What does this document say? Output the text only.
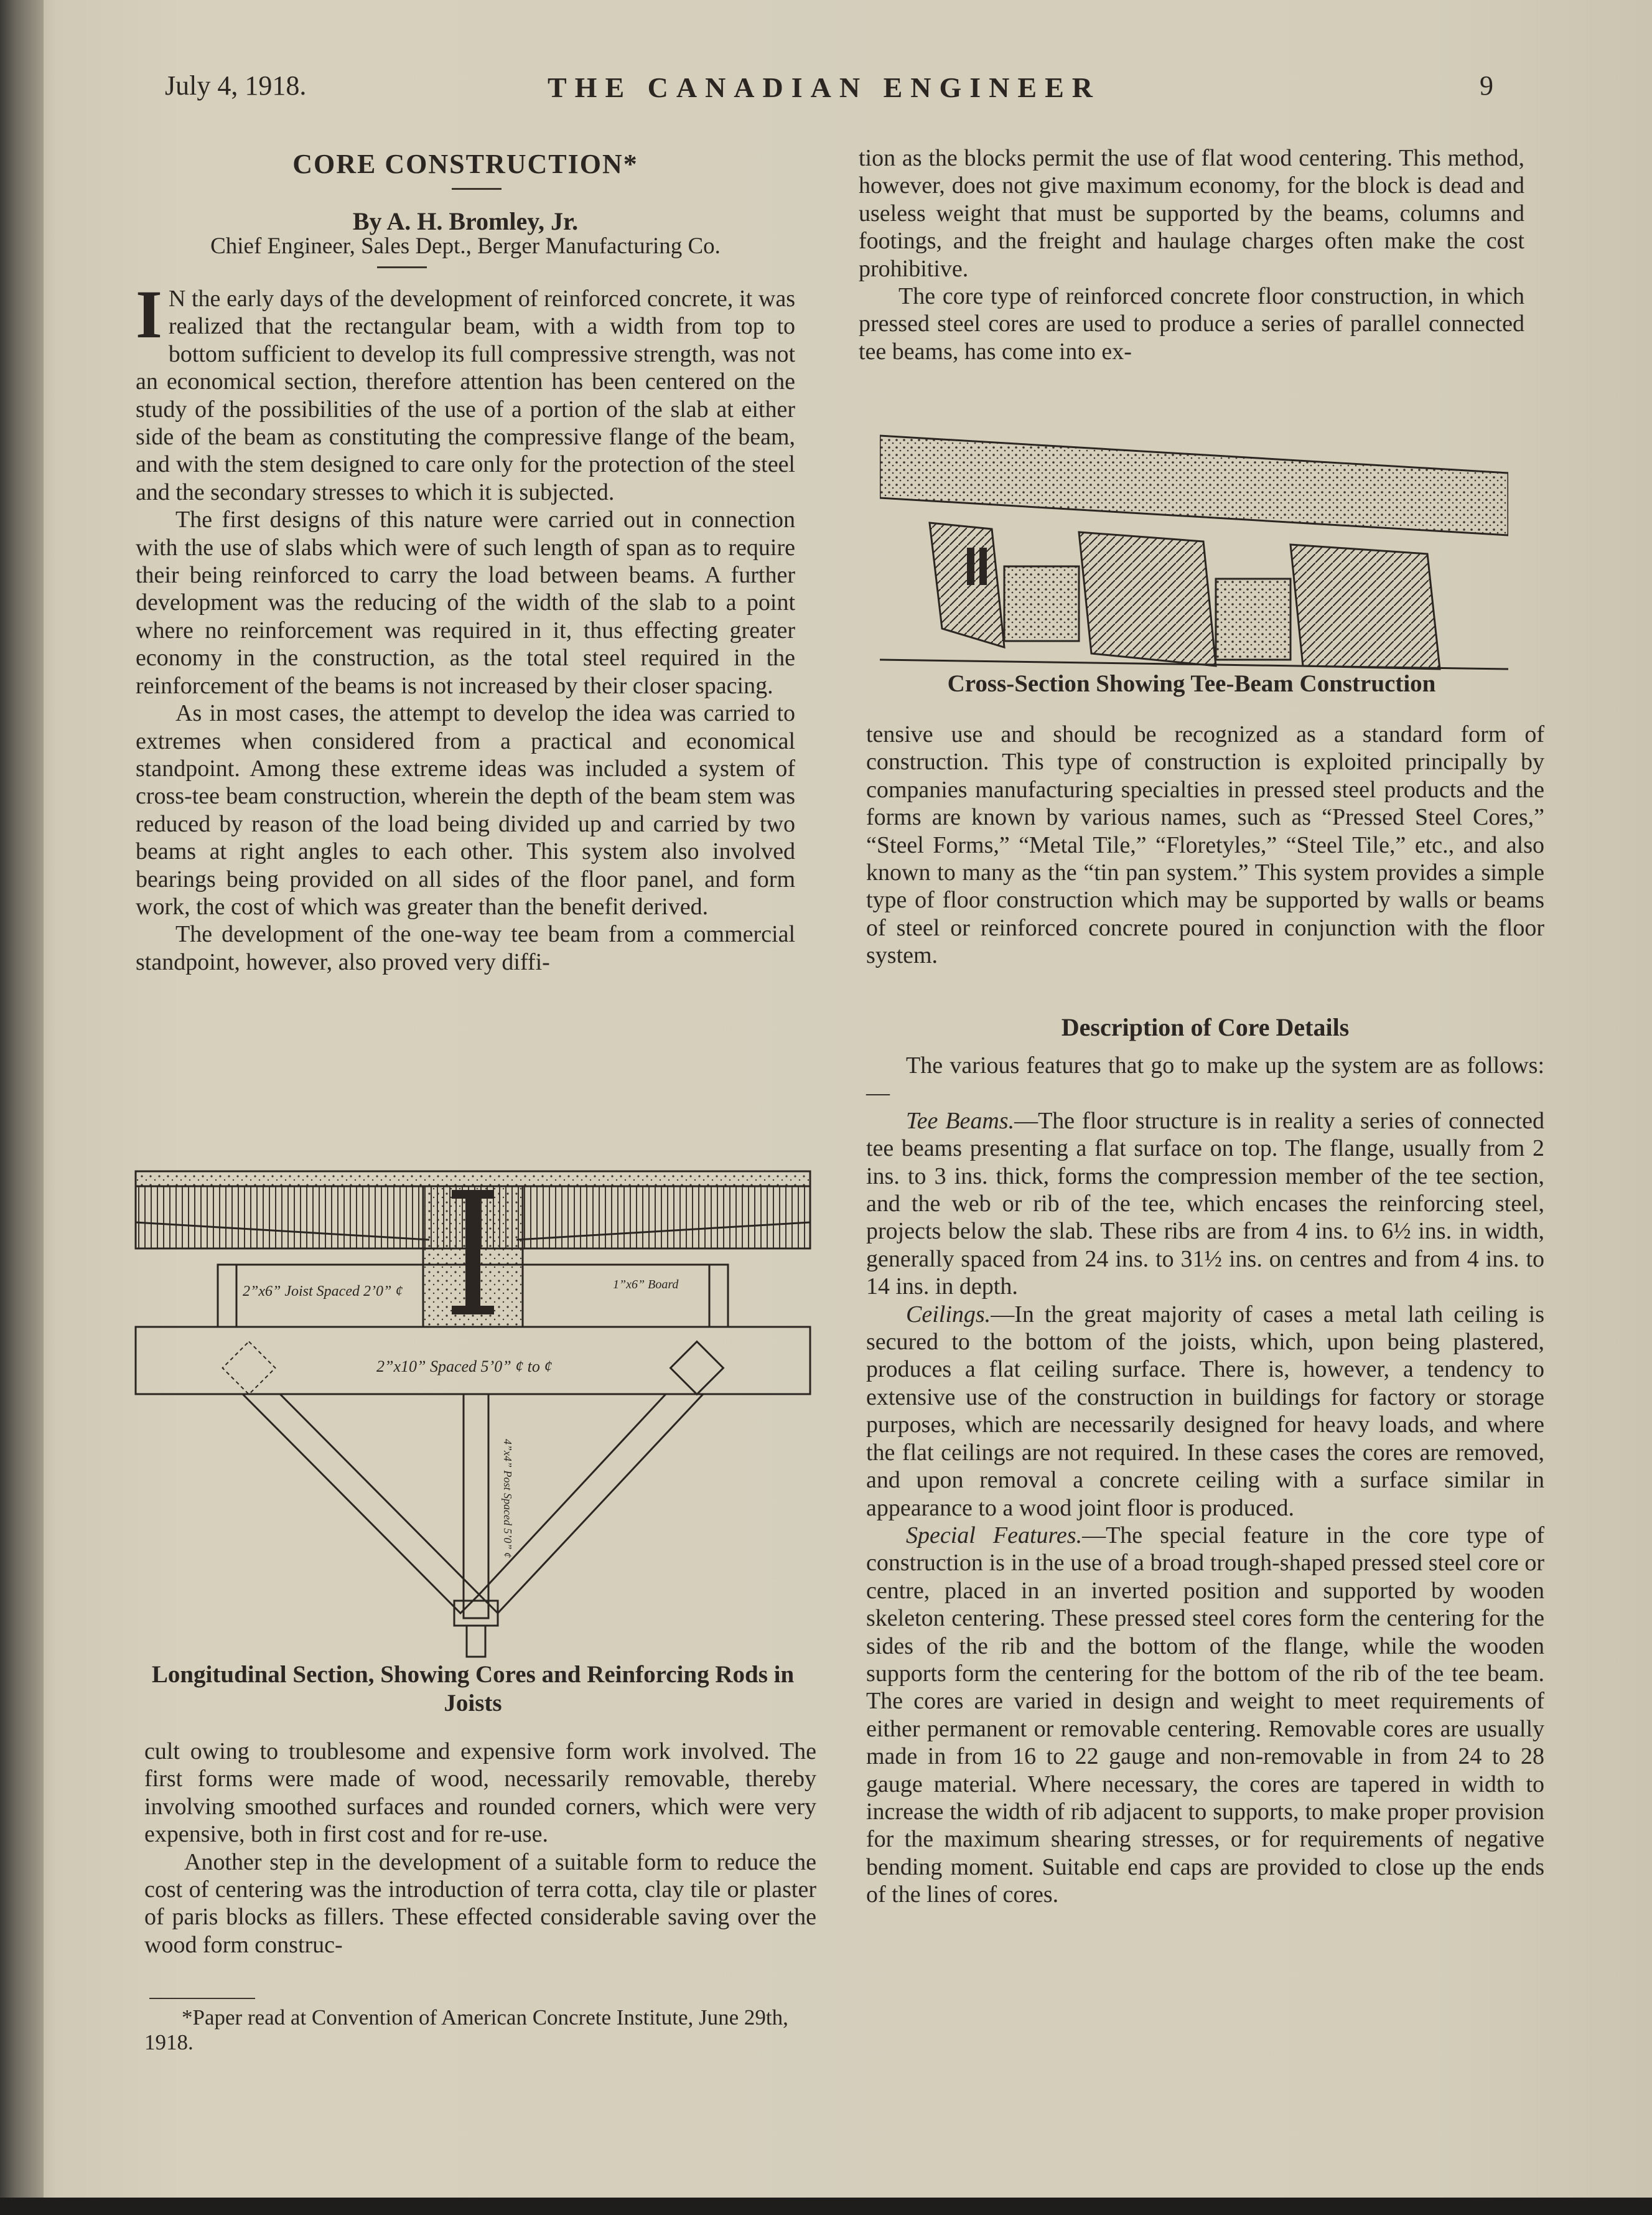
July 4, 1918.	THE CANADIAN ENGINEER	9
CORE CONSTRUCTION*
By A. H. Bromley, Jr.
Chief Engineer, Sales Dept., Berger Manufacturing Co.

I N the early days of the development of reinforced concrete, it was realized that the rectangular beam, with a width from top to bottom sufficient to develop its full compressive strength, was not an economical section, therefore attention has been centered on the study of the possibilities of the use of a portion of the slab at either side of the beam as constituting the compressive flange of the beam, and with the stem designed to care only for the protection of the steel and the secondary stresses to which it is subjected.

The first designs of this nature were carried out in connection with the use of slabs which were of such length of span as to require their being reinforced to carry the load between beams. A further development was the reducing of the width of the slab to a point where no reinforcement was required in it, thus effecting greater economy in the construction, as the total steel required in the reinforcement of the beams is not increased by their closer spacing.

As in most cases, the attempt to develop the idea was carried to extremes when considered from a practical and economical standpoint. Among these extreme ideas was included a system of cross-tee beam construction, wherein the depth of the beam stem was reduced by reason of the load being divided up and carried by two beams at right angles to each other. This system also involved bearings being provided on all sides of the floor panel, and form work, the cost of which was greater than the benefit derived.

The development of the one-way tee beam from a commercial standpoint, however, also proved very diffi-

2”x6” Joist Spaced 2’0” ¢	1”x6” Board
2”x10” Spaced 5’0” ¢ to ¢
4”x4” Post Spaced 5’0” ¢
Longitudinal Section, Showing Cores and Reinforcing Rods in Joists

cult owing to troublesome and expensive form work involved. The first forms were made of wood, necessarily removable, thereby involving smoothed surfaces and rounded corners, which were very expensive, both in first cost and for re-use.

Another step in the development of a suitable form to reduce the cost of centering was the introduction of terra cotta, clay tile or plaster of paris blocks as fillers. These effected considerable saving over the wood form construc-

*Paper read at Convention of American Concrete Institute, June 29th, 1918.

tion as the blocks permit the use of flat wood centering. This method, however, does not give maximum economy, for the block is dead and useless weight that must be supported by the beams, columns and footings, and the freight and haulage charges often make the cost prohibitive.

The core type of reinforced concrete floor construction, in which pressed steel cores are used to produce a series of parallel connected tee beams, has come into ex-

Cross-Section Showing Tee-Beam Construction

tensive use and should be recognized as a standard form of construction. This type of construction is exploited principally by companies manufacturing specialties in pressed steel products and the forms are known by various names, such as “Pressed Steel Cores,” “Steel Forms,” “Metal Tile,” “Floretyles,” “Steel Tile,” etc., and also known to many as the “tin pan system.” This system provides a simple type of floor construction which may be supported by walls or beams of steel or reinforced concrete poured in conjunction with the floor system.

Description of Core Details

The various features that go to make up the system are as follows:—

Tee Beams.—The floor structure is in reality a series of connected tee beams presenting a flat surface on top. The flange, usually from 2 ins. to 3 ins. thick, forms the compression member of the tee section, and the web or rib of the tee, which encases the reinforcing steel, projects below the slab. These ribs are from 4 ins. to 6½ ins. in width, generally spaced from 24 ins. to 31½ ins. on centres and from 4 ins. to 14 ins. in depth.

Ceilings.—In the great majority of cases a metal lath ceiling is secured to the bottom of the joists, which, upon being plastered, produces a flat ceiling surface. There is, however, a tendency to extensive use of the construction in buildings for factory or storage purposes, which are necessarily designed for heavy loads, and where the flat ceilings are not required. In these cases the cores are removed, and upon removal a concrete ceiling with a surface similar in appearance to a wood joint floor is produced.

Special Features.—The special feature in the core type of construction is in the use of a broad trough-shaped pressed steel core or centre, placed in an inverted position and supported by wooden skeleton centering. These pressed steel cores form the centering for the sides of the rib and the bottom of the flange, while the wooden supports form the centering for the bottom of the rib of the tee beam. The cores are varied in design and weight to meet requirements of either permanent or removable centering. Removable cores are usually made in from 16 to 22 gauge and non-removable in from 24 to 28 gauge material. Where necessary, the cores are tapered in width to increase the width of rib adjacent to supports, to make proper provision for the maximum shearing stresses, or for requirements of negative bending moment. Suitable end caps are provided to close up the ends of the lines of cores.
